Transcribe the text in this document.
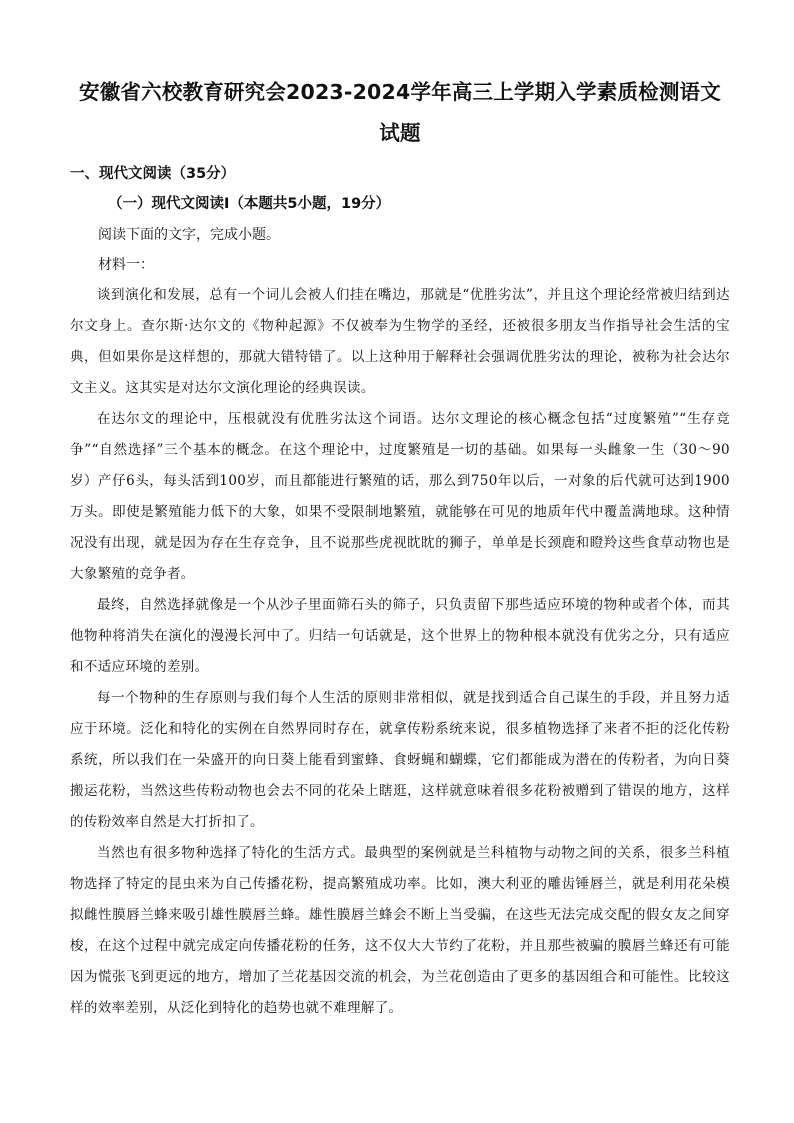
安徽省六校教育研究会2023-2024学年高三上学期入学素质检测语文试题
一、现代文阅读（35分）
（一）现代文阅读Ⅰ（本题共5小题，19分）

阅读下面的文字，完成小题。

材料一：

谈到演化和发展，总有一个词儿会被人们挂在嘴边，那就是“优胜劣汰”，并且这个理论经常被归结到达尔文身上。查尔斯·达尔文的《物种起源》不仅被奉为生物学的圣经，还被很多朋友当作指导社会生活的宝典，但如果你是这样想的，那就大错特错了。以上这种用于解释社会强调优胜劣汰的理论，被称为社会达尔文主义。这其实是对达尔文演化理论的经典误读。

在达尔文的理论中，压根就没有优胜劣汰这个词语。达尔文理论的核心概念包括“过度繁殖”“生存竞争”“自然选择”三个基本的概念。在这个理论中，过度繁殖是一切的基础。如果每一头雌象一生（30～90岁）产仔6头，每头活到100岁，而且都能进行繁殖的话，那么到750年以后，一对象的后代就可达到1900万头。即使是繁殖能力低下的大象，如果不受限制地繁殖，就能够在可见的地质年代中覆盖满地球。这种情况没有出现，就是因为存在生存竞争，且不说那些虎视眈眈的狮子，单单是长颈鹿和瞪羚这些食草动物也是大象繁殖的竞争者。

最终，自然选择就像是一个从沙子里面筛石头的筛子，只负责留下那些适应环境的物种或者个体，而其他物种将消失在演化的漫漫长河中了。归结一句话就是，这个世界上的物种根本就没有优劣之分，只有适应和不适应环境的差别。

每一个物种的生存原则与我们每个人生活的原则非常相似，就是找到适合自己谋生的手段，并且努力适应于环境。泛化和特化的实例在自然界同时存在，就拿传粉系统来说，很多植物选择了来者不拒的泛化传粉系统，所以我们在一朵盛开的向日葵上能看到蜜蜂、食蚜蝇和蝴蝶，它们都能成为潜在的传粉者，为向日葵搬运花粉，当然这些传粉动物也会去不同的花朵上瞎逛，这样就意味着很多花粉被赠到了错误的地方，这样的传粉效率自然是大打折扣了。

当然也有很多物种选择了特化的生活方式。最典型的案例就是兰科植物与动物之间的关系，很多兰科植物选择了特定的昆虫来为自己传播花粉，提高繁殖成功率。比如，澳大利亚的雕齿锤唇兰，就是利用花朵模拟雌性膜唇兰蜂来吸引雄性膜唇兰蜂。雄性膜唇兰蜂会不断上当受骗，在这些无法完成交配的假女友之间穿梭，在这个过程中就完成定向传播花粉的任务，这不仅大大节约了花粉，并且那些被骗的膜唇兰蜂还有可能因为慌张飞到更远的地方，增加了兰花基因交流的机会，为兰花创造由了更多的基因组合和可能性。比较这样的效率差别，从泛化到特化的趋势也就不难理解了。
